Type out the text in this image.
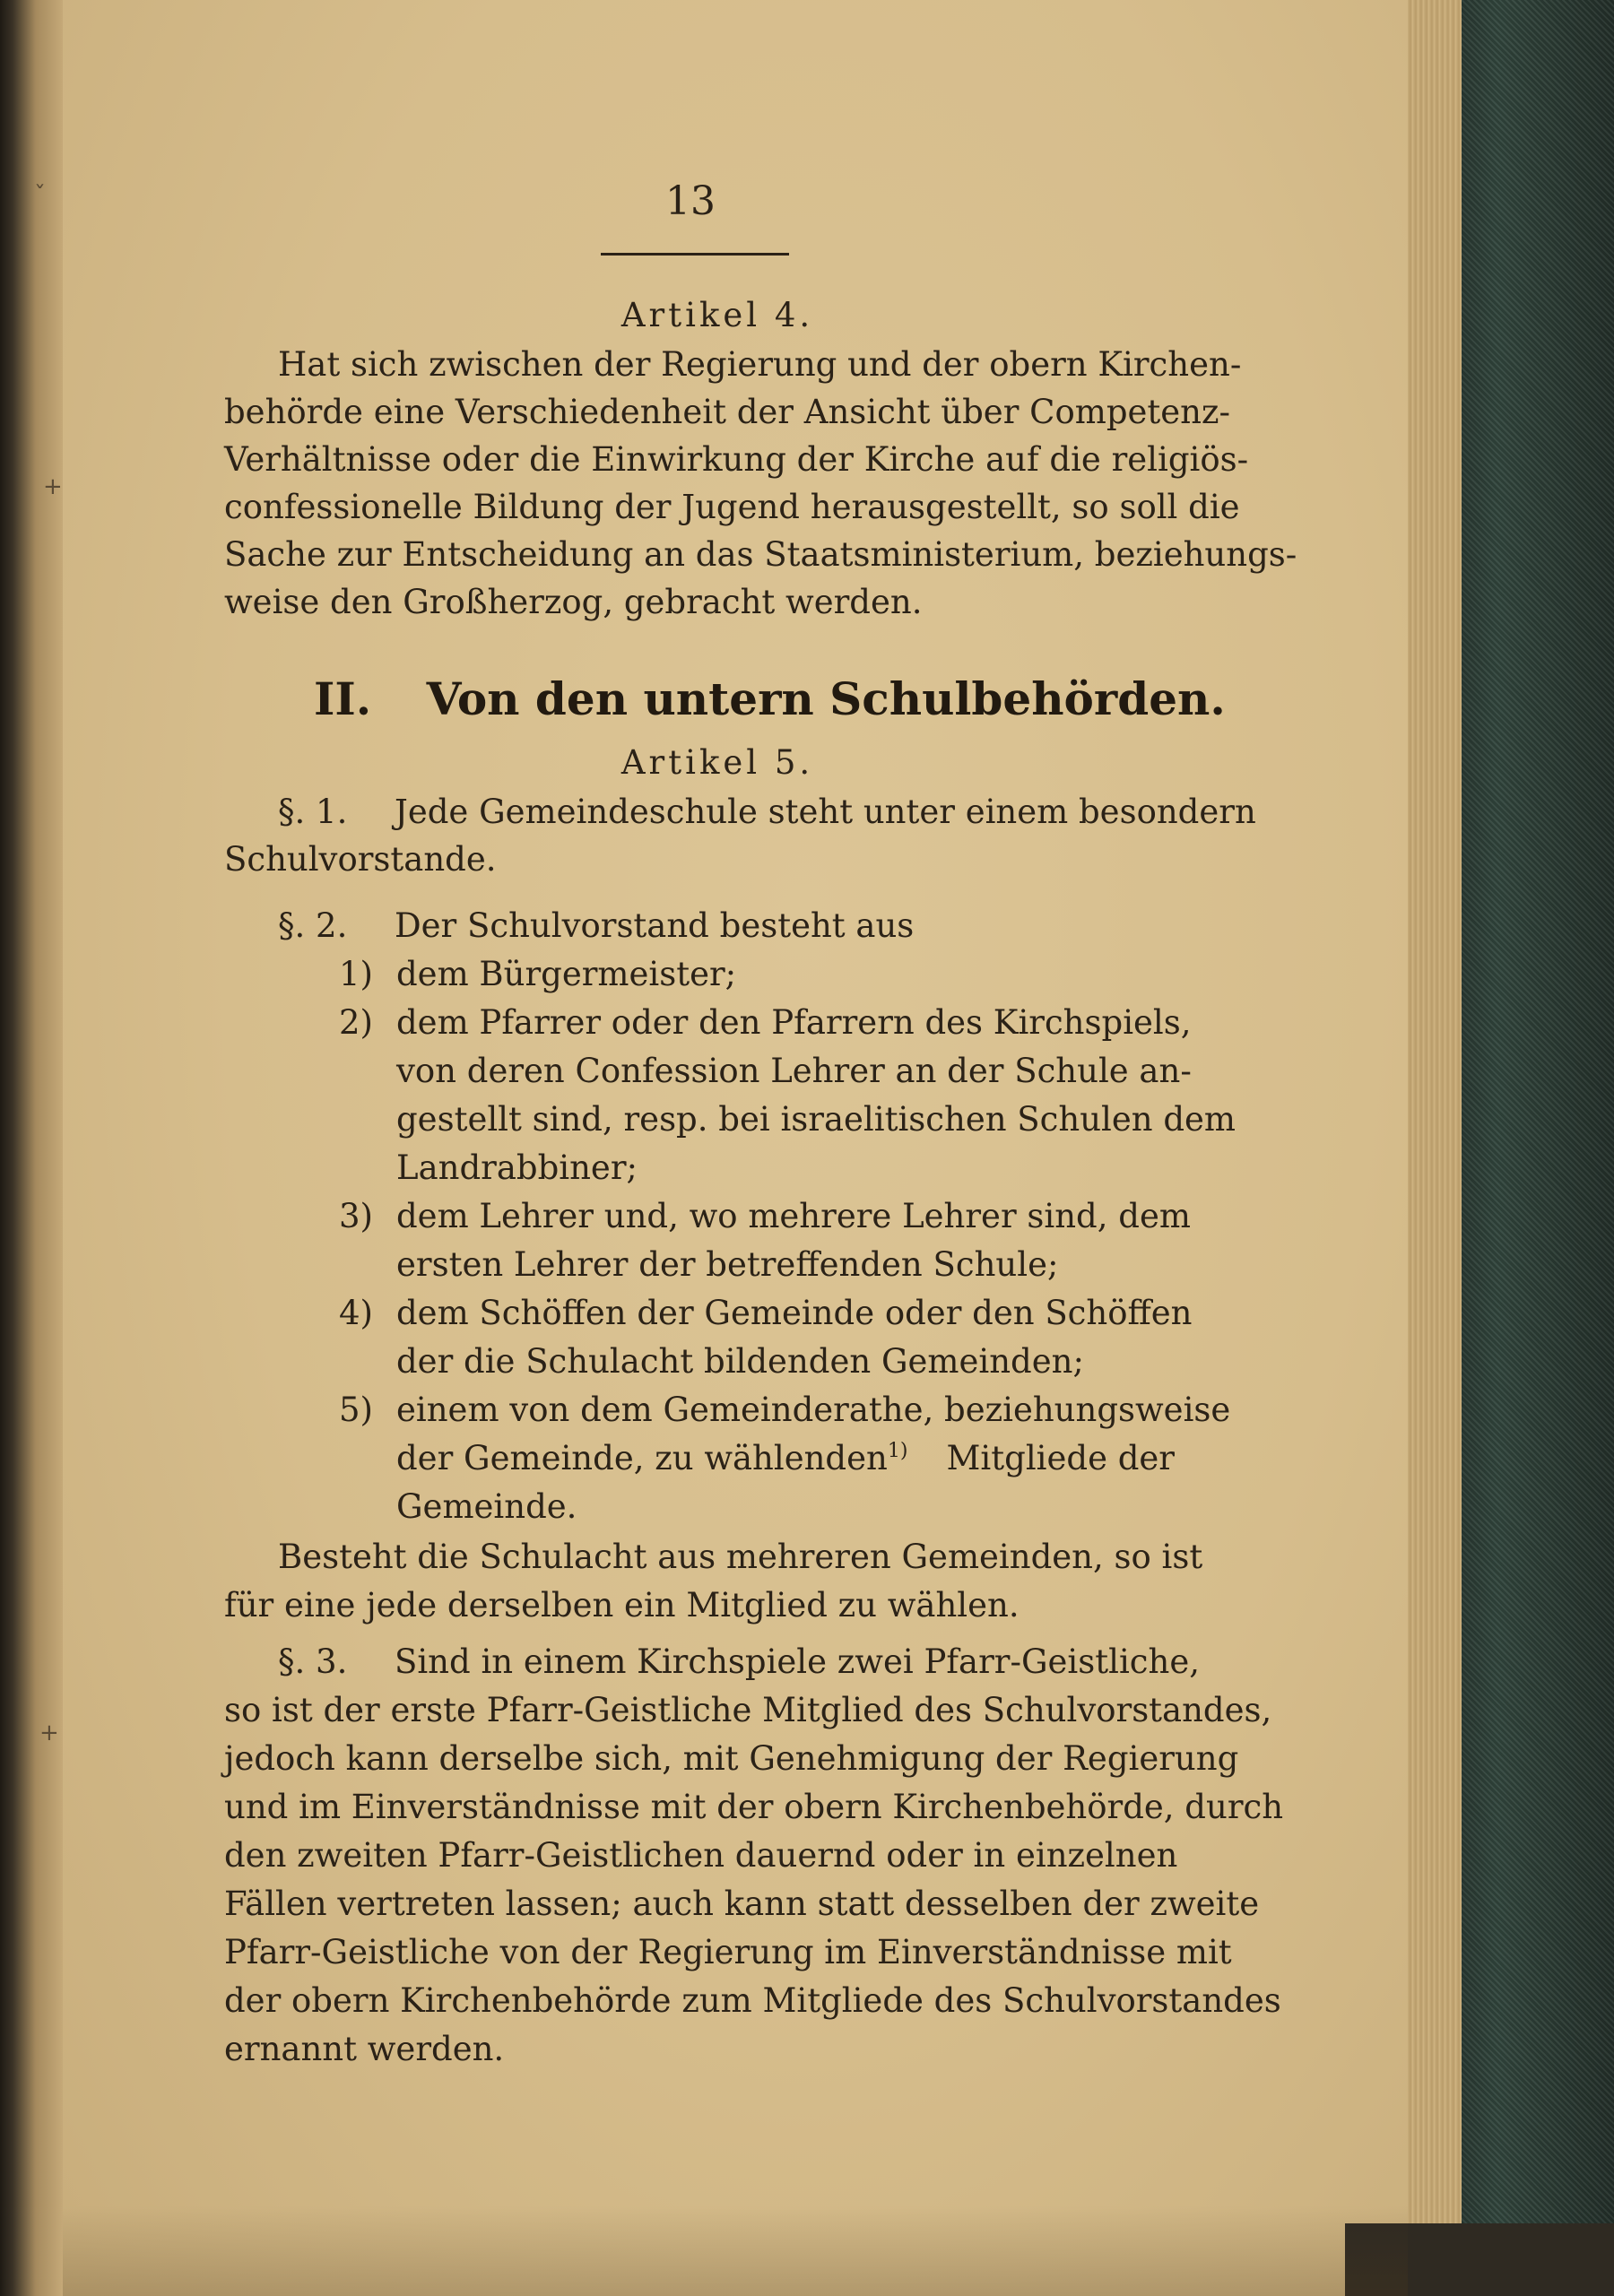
ˇ
+
+
13
Artikel 4.
Hat sich zwischen der Regierung und der obern Kirchen-
behörde eine Verschiedenheit der Ansicht über Competenz-
Verhältnisse oder die Einwirkung der Kirche auf die religiös-
confessionelle Bildung der Jugend herausgestellt, so soll die
Sache zur Entscheidung an das Staatsministerium, beziehungs-
weise den Großherzog, gebracht werden.
II. Von den untern Schulbehörden.
Artikel 5.
§. 1. Jede Gemeindeschule steht unter einem besondern
Schulvorstande.
§. 2. Der Schulvorstand besteht aus
1) dem Bürgermeister;
2) dem Pfarrer oder den Pfarrern des Kirchspiels,
von deren Confession Lehrer an der Schule an-
gestellt sind, resp. bei israelitischen Schulen dem
Landrabbiner;
3) dem Lehrer und, wo mehrere Lehrer sind, dem
ersten Lehrer der betreffenden Schule;
4) dem Schöffen der Gemeinde oder den Schöffen
der die Schulacht bildenden Gemeinden;
5) einem von dem Gemeinderathe, beziehungsweise
der Gemeinde, zu wählenden$^{1)}$ Mitgliede der
Gemeinde.
Besteht die Schulacht aus mehreren Gemeinden, so ist
für eine jede derselben ein Mitglied zu wählen.
§. 3. Sind in einem Kirchspiele zwei Pfarr-Geistliche,
so ist der erste Pfarr-Geistliche Mitglied des Schulvorstandes,
jedoch kann derselbe sich, mit Genehmigung der Regierung
und im Einverständnisse mit der obern Kirchenbehörde, durch
den zweiten Pfarr-Geistlichen dauernd oder in einzelnen
Fällen vertreten lassen; auch kann statt desselben der zweite
Pfarr-Geistliche von der Regierung im Einverständnisse mit
der obern Kirchenbehörde zum Mitgliede des Schulvorstandes
ernannt werden.
